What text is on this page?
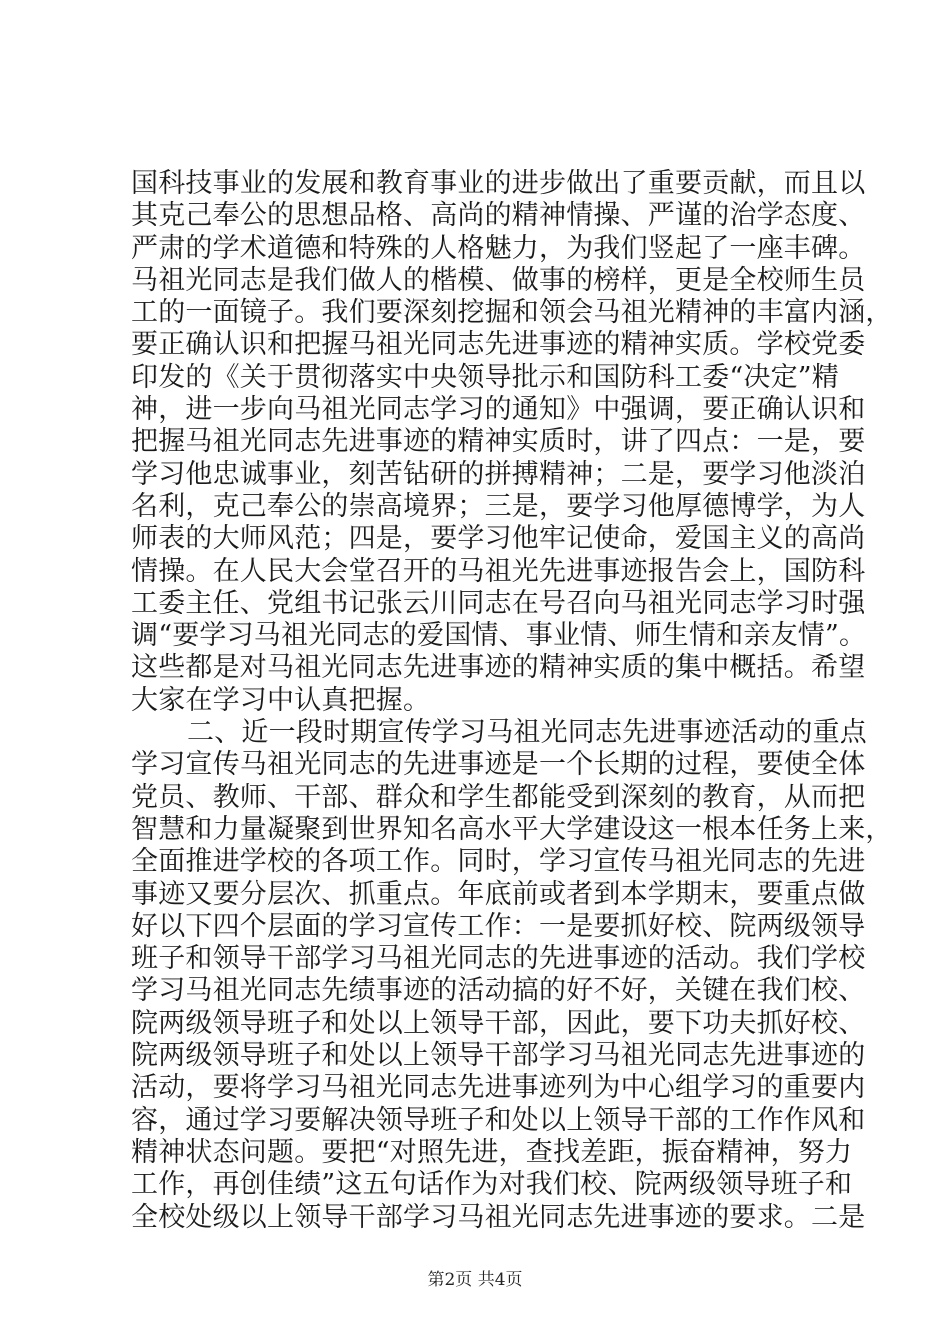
国科技事业的发展和教育事业的进步做出了重要贡献，而且以
其克己奉公的思想品格、高尚的精神情操、严谨的治学态度、
严肃的学术道德和特殊的人格魅力，为我们竖起了一座丰碑。
马祖光同志是我们做人的楷模、做事的榜样，更是全校师生员
工的一面镜子。我们要深刻挖掘和领会马祖光精神的丰富内涵，
要正确认识和把握马祖光同志先进事迹的精神实质。学校党委
印发的《关于贯彻落实中央领导批示和国防科工委“决定”精
神，进一步向马祖光同志学习的通知》中强调，要正确认识和
把握马祖光同志先进事迹的精神实质时，讲了四点：一是，要
学习他忠诚事业，刻苦钻研的拼搏精神；二是，要学习他淡泊
名利，克己奉公的崇高境界；三是，要学习他厚德博学，为人
师表的大师风范；四是，要学习他牢记使命，爱国主义的高尚
情操。在人民大会堂召开的马祖光先进事迹报告会上，国防科
工委主任、党组书记张云川同志在号召向马祖光同志学习时强
调“要学习马祖光同志的爱国情、事业情、师生情和亲友情”。
这些都是对马祖光同志先进事迹的精神实质的集中概括。希望
大家在学习中认真把握。
二、近一段时期宣传学习马祖光同志先进事迹活动的重点
学习宣传马祖光同志的先进事迹是一个长期的过程，要使全体
党员、教师、干部、群众和学生都能受到深刻的教育，从而把
智慧和力量凝聚到世界知名高水平大学建设这一根本任务上来，
全面推进学校的各项工作。同时，学习宣传马祖光同志的先进
事迹又要分层次、抓重点。年底前或者到本学期末，要重点做
好以下四个层面的学习宣传工作：一是要抓好校、院两级领导
班子和领导干部学习马祖光同志的先进事迹的活动。我们学校
学习马祖光同志先绩事迹的活动搞的好不好，关键在我们校、
院两级领导班子和处以上领导干部，因此，要下功夫抓好校、
院两级领导班子和处以上领导干部学习马祖光同志先进事迹的
活动，要将学习马祖光同志先进事迹列为中心组学习的重要内
容，通过学习要解决领导班子和处以上领导干部的工作作风和
精神状态问题。要把“对照先进，查找差距，振奋精神，努力
工作，再创佳绩”这五句话作为对我们校、院两级领导班子和
全校处级以上领导干部学习马祖光同志先进事迹的要求。二是
第2页 共4页
